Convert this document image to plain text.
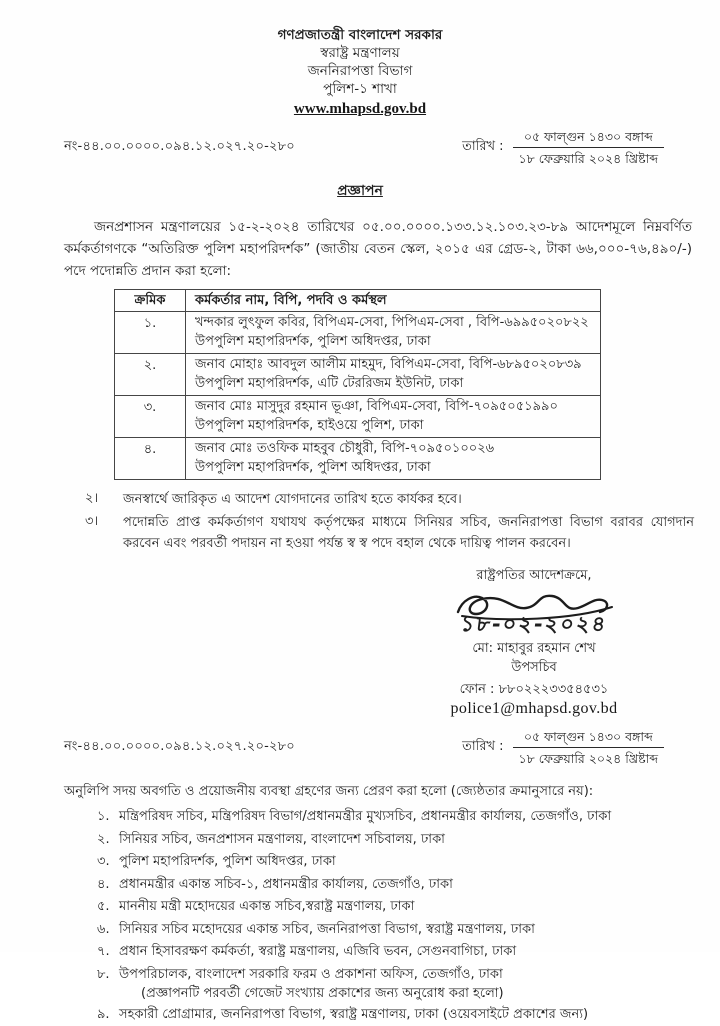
গণপ্রজাতন্ত্রী বাংলাদেশ সরকার
স্বরাষ্ট্র মন্ত্রণালয়
জননিরাপত্তা বিভাগ
পুলিশ-১ শাখা
www.mhapsd.gov.bd
নং-৪৪.০০.০০০০.০৯৪.১২.০২৭.২০-২৮০	তারিখ :
০৫ ফাল্গুন ১৪৩০ বঙ্গাব্দ
১৮ ফেব্রুয়ারি ২০২৪ খ্রিষ্টাব্দ
প্রজ্ঞাপন
জনপ্রশাসন মন্ত্রণালয়ের ১৫-২-২০২৪ তারিখের ০৫.০০.০০০০.১৩৩.১২.১০৩.২৩-৮৯ আদেশমূলে নিম্নবর্ণিত কর্মকর্তাগণকে “অতিরিক্ত পুলিশ মহাপরিদর্শক” (জাতীয় বেতন স্কেল, ২০১৫ এর গ্রেড-২, টাকা ৬৬,০০০-৭৬,৪৯০/-) পদে পদোন্নতি প্রদান করা হলো:
ক্রমিক	কর্মকর্তার নাম, বিপি, পদবি ও কর্মস্থল
১.	খন্দকার লুৎফুল কবির, বিপিএম-সেবা, পিপিএম-সেবা , বিপি-৬৯৯৫০২০৮২২
উপপুলিশ মহাপরিদর্শক, পুলিশ অধিদপ্তর, ঢাকা

২.	জনাব মোহাঃ আবদুল আলীম মাহমুদ, বিপিএম-সেবা, বিপি-৬৮৯৫০২০৮৩৯
উপপুলিশ মহাপরিদর্শক, এটি টেররিজম ইউনিট, ঢাকা

৩.	জনাব মোঃ মাসুদুর রহমান ভূঞা, বিপিএম-সেবা, বিপি-৭০৯৫০৫১৯৯০
উপপুলিশ মহাপরিদর্শক, হাইওয়ে পুলিশ, ঢাকা

৪.	জনাব মোঃ তওফিক মাহবুব চৌধুরী, বিপি-৭০৯৫০১০০২৬
উপপুলিশ মহাপরিদর্শক, পুলিশ অধিদপ্তর, ঢাকা
২।	জনস্বার্থে জারিকৃত এ আদেশ যোগদানের তারিখ হতে কার্যকর হবে।
৩।	পদোন্নতি প্রাপ্ত কর্মকর্তাগণ যথাযথ কর্তৃপক্ষের মাধ্যমে সিনিয়র সচিব, জননিরাপত্তা বিভাগ বরাবর যোগদান করবেন এবং পরবর্তী পদায়ন না হওয়া পর্যন্ত স্ব স্ব পদে বহাল থেকে দায়িত্ব পালন করবেন।
রাষ্ট্রপতির আদেশক্রমে,
১৮-০২-২০২৪
মো: মাহাবুর রহমান শেখ
উপসচিব
ফোন : ৮৮০২২২৩৩৫৪৫৩১
police1@mhapsd.gov.bd
নং-৪৪.০০.০০০০.০৯৪.১২.০২৭.২০-২৮০	তারিখ :
০৫ ফাল্গুন ১৪৩০ বঙ্গাব্দ
১৮ ফেব্রুয়ারি ২০২৪ খ্রিষ্টাব্দ
অনুলিপি সদয় অবগতি ও প্রয়োজনীয় ব্যবস্থা গ্রহণের জন্য প্রেরণ করা হলো (জ্যেষ্ঠতার ক্রমানুসারে নয়):
১. মন্ত্রিপরিষদ সচিব, মন্ত্রিপরিষদ বিভাগ/প্রধানমন্ত্রীর মুখ্যসচিব, প্রধানমন্ত্রীর কার্যালয়, তেজগাঁও, ঢাকা
২. সিনিয়র সচিব, জনপ্রশাসন মন্ত্রণালয়, বাংলাদেশ সচিবালয়, ঢাকা
৩. পুলিশ মহাপরিদর্শক, পুলিশ অধিদপ্তর, ঢাকা
৪. প্রধানমন্ত্রীর একান্ত সচিব-১, প্রধানমন্ত্রীর কার্যালয়, তেজগাঁও, ঢাকা
৫. মাননীয় মন্ত্রী মহোদয়ের একান্ত সচিব,স্বরাষ্ট্র মন্ত্রণালয়, ঢাকা
৬. সিনিয়র সচিব মহোদয়ের একান্ত সচিব, জননিরাপত্তা বিভাগ, স্বরাষ্ট্র মন্ত্রণালয়, ঢাকা
৭. প্রধান হিসাবরক্ষণ কর্মকর্তা, স্বরাষ্ট্র মন্ত্রণালয়, এজিবি ভবন, সেগুনবাগিচা, ঢাকা
৮. উপপরিচালক, বাংলাদেশ সরকারি ফরম ও প্রকাশনা অফিস, তেজগাঁও, ঢাকা
(প্রজ্ঞাপনটি পরবর্তী গেজেট সংখ্যায় প্রকাশের জন্য অনুরোধ করা হলো)
৯. সহকারী প্রোগ্রামার, জননিরাপত্তা বিভাগ, স্বরাষ্ট্র মন্ত্রণালয়, ঢাকা (ওয়েবসাইটে প্রকাশের জন্য)
